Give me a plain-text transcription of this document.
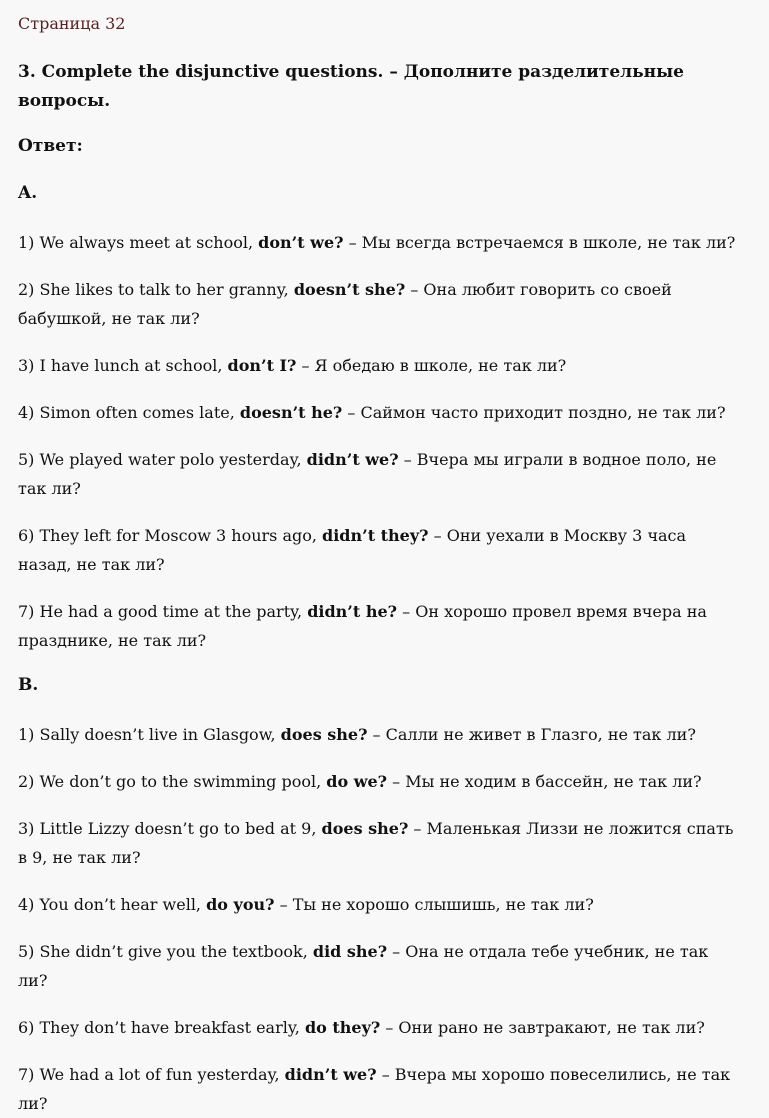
Страница 32
3. Complete the disjunctive questions. – Дополните разделительные вопросы.
Ответ:
A.
1) We always meet at school, don’t we? – Мы всегда встречаемся в школе, не так ли?
2) She likes to talk to her granny, doesn’t she? – Она любит говорить со своей бабушкой, не так ли?
3) I have lunch at school, don’t I? – Я обедаю в школе, не так ли?
4) Simon often comes late, doesn’t he? – Саймон часто приходит поздно, не так ли?
5) We played water polo yesterday, didn’t we? – Вчера мы играли в водное поло, не так ли?
6) They left for Moscow 3 hours ago, didn’t they? – Они уехали в Москву 3 часа назад, не так ли?
7) He had a good time at the party, didn’t he? – Он хорошо провел время вчера на празднике, не так ли?
B.
1) Sally doesn’t live in Glasgow, does she? – Салли не живет в Глазго, не так ли?
2) We don’t go to the swimming pool, do we? – Мы не ходим в бассейн, не так ли?
3) Little Lizzy doesn’t go to bed at 9, does she? – Маленькая Лиззи не ложится спать в 9, не так ли?
4) You don’t hear well, do you? – Ты не хорошо слышишь, не так ли?
5) She didn’t give you the textbook, did she? – Она не отдала тебе учебник, не так ли?
6) They don’t have breakfast early, do they? – Они рано не завтракают, не так ли?
7) We had a lot of fun yesterday, didn’t we? – Вчера мы хорошо повеселились, не так ли?
